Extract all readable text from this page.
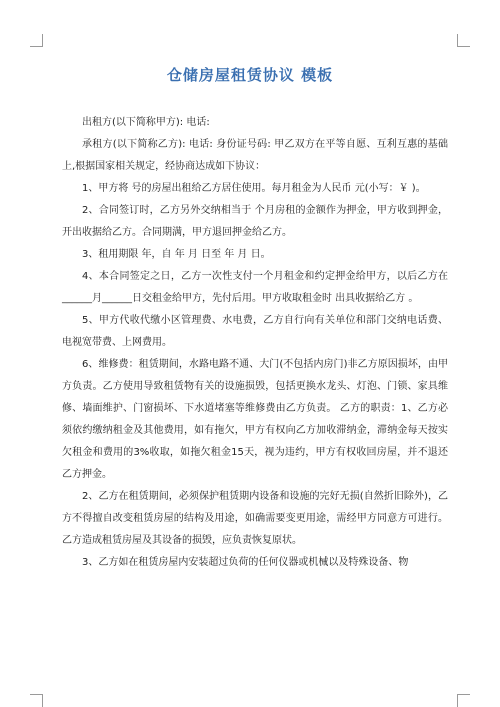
仓储房屋租赁协议 模板

出租方(以下简称甲方): 电话:

承租方(以下简称乙方): 电话: 身份证号码: 甲乙双方在平等自愿、互利互惠的基础上,根据国家相关规定，经协商达成如下协议：

1、甲方将 号的房屋出租给乙方居住使用。每月租金为人民币 元(小写：￥ )。

2、合同签订时，乙方另外交纳相当于 个月房租的金额作为押金，甲方收到押金，开出收据给乙方。合同期满，甲方退回押金给乙方。

3、租用期限 年，自 年 月 日至 年 月 日。

4、本合同签定之日，乙方一次性支付一个月租金和约定押金给甲方，以后乙方在______月______日交租金给甲方，先付后用。甲方收取租金时 出具收据给乙方 。

5、甲方代收代缴小区管理费、水电费，乙方自行向有关单位和部门交纳电话费、电视宽带费、上网费用。

6、维修费：租赁期间，水路电路不通、大门(不包括内房门)非乙方原因损坏，由甲方负责。乙方使用导致租赁物有关的设施损毁，包括更换水龙头、灯泡、门锁、家具维修、墙面维护、门窗损坏、下水道堵塞等维修费由乙方负责。 乙方的职责：1、乙方必须依约缴纳租金及其他费用，如有拖欠，甲方有权向乙方加收滞纳金，滞纳金每天按实欠租金和费用的3%收取，如拖欠租金15天，视为违约，甲方有权收回房屋，并不退还乙方押金。

2、乙方在租赁期间，必须保护租赁期内设备和设施的完好无损(自然折旧除外)，乙方不得擅自改变租赁房屋的结构及用途，如确需要变更用途，需经甲方同意方可进行。乙方造成租赁房屋及其设备的损毁，应负责恢复原状。

3、乙方如在租赁房屋内安装超过负荷的任何仪器或机械以及特殊设备、物
